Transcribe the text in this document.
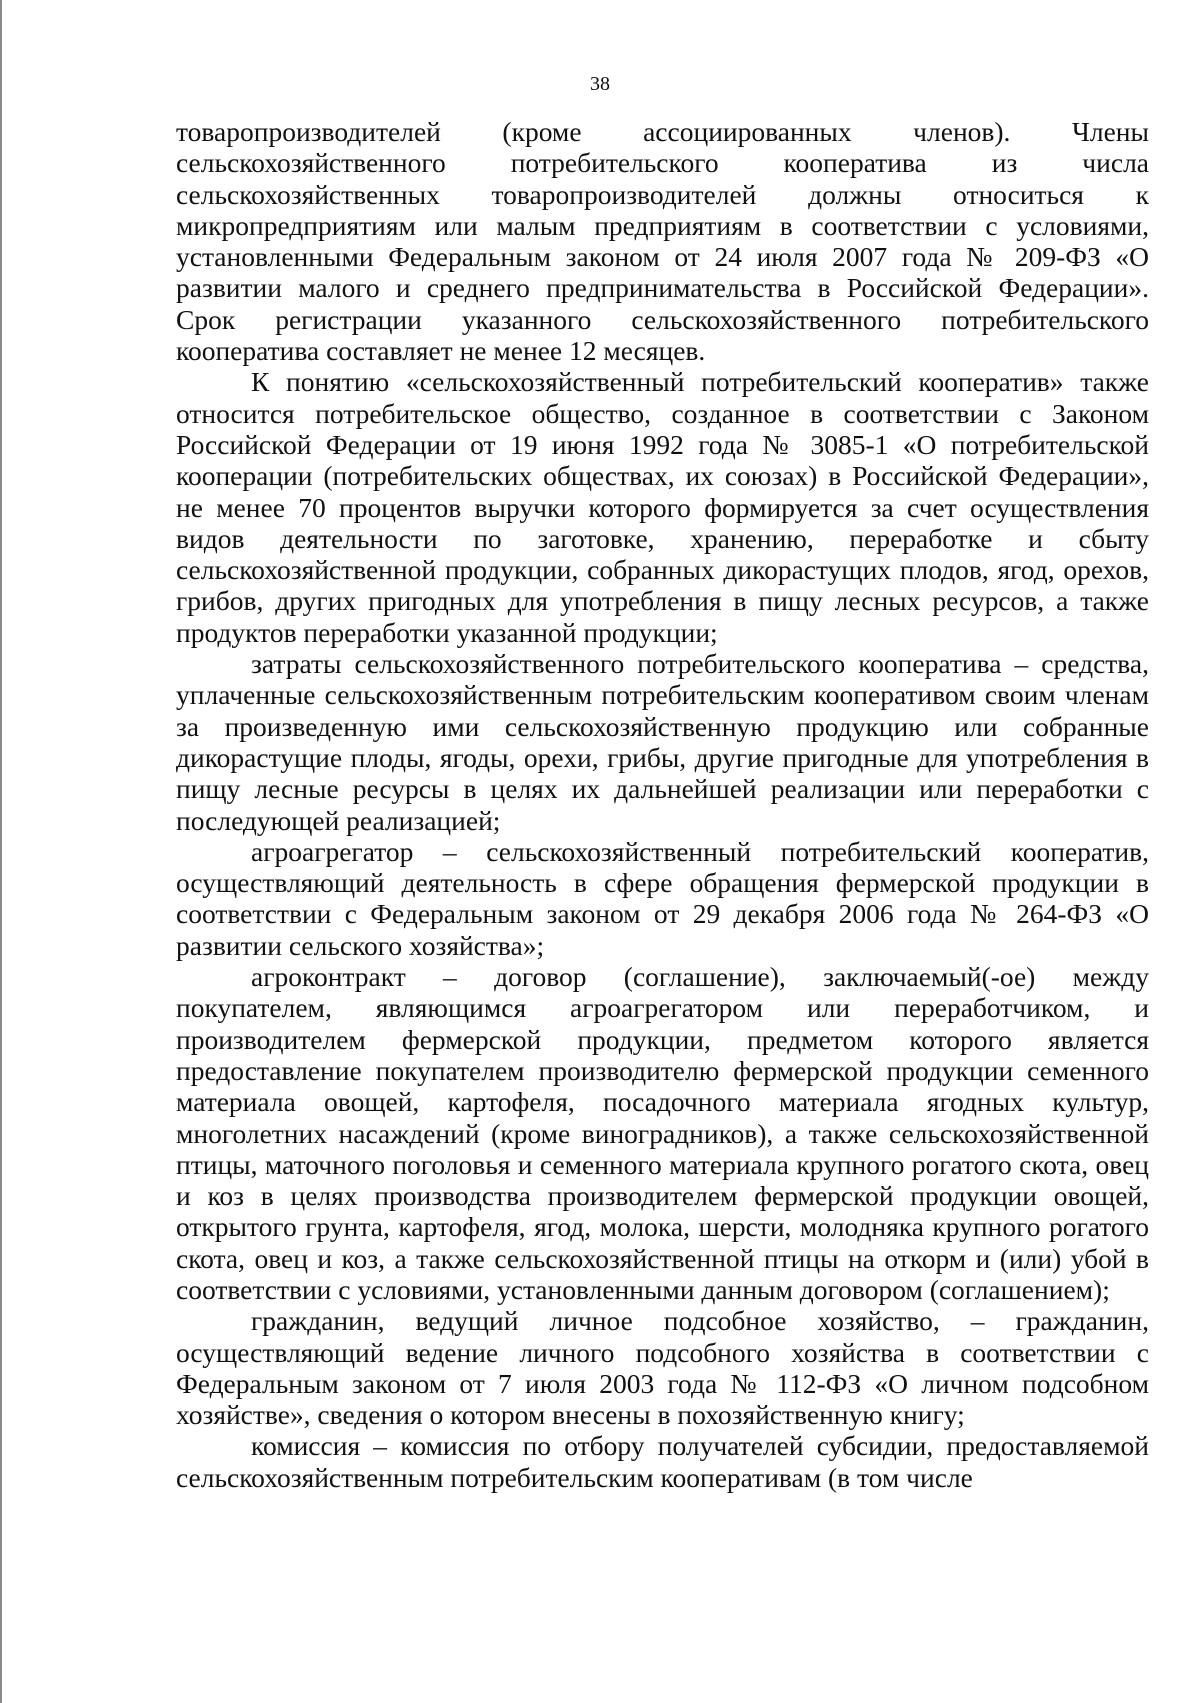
38

товаропроизводителей (кроме ассоциированных членов). Члены сельскохозяйственного потребительского кооператива из числа сельскохозяйственных товаропроизводителей должны относиться к микропредприятиям или малым предприятиям в соответствии с условиями, установленными Федеральным законом от 24 июля 2007 года № 209-ФЗ «О развитии малого и среднего предпринимательства в Российской Федерации». Срок регистрации указанного сельскохозяйственного потребительского кооператива составляет не менее 12 месяцев.

К понятию «сельскохозяйственный потребительский кооператив» также относится потребительское общество, созданное в соответствии с Законом Российской Федерации от 19 июня 1992 года № 3085-1 «О потребительской кооперации (потребительских обществах, их союзах) в Российской Федерации», не менее 70 процентов выручки которого формируется за счет осуществления видов деятельности по заготовке, хранению, переработке и сбыту сельскохозяйственной продукции, собранных дикорастущих плодов, ягод, орехов, грибов, других пригодных для употребления в пищу лесных ресурсов, а также продуктов переработки указанной продукции;

затраты сельскохозяйственного потребительского кооператива – средства, уплаченные сельскохозяйственным потребительским кооперативом своим членам за произведенную ими сельскохозяйственную продукцию или собранные дикорастущие плоды, ягоды, орехи, грибы, другие пригодные для употребления в пищу лесные ресурсы в целях их дальнейшей реализации или переработки с последующей реализацией;

агроагрегатор – сельскохозяйственный потребительский кооператив, осуществляющий деятельность в сфере обращения фермерской продукции в соответствии с Федеральным законом от 29 декабря 2006 года № 264-ФЗ «О развитии сельского хозяйства»;

агроконтракт – договор (соглашение), заключаемый(-ое) между покупателем, являющимся агроагрегатором или переработчиком, и производителем фермерской продукции, предметом которого является предоставление покупателем производителю фермерской продукции семенного материала овощей, картофеля, посадочного материала ягодных культур, многолетних насаждений (кроме виноградников), а также сельскохозяйственной птицы, маточного поголовья и семенного материала крупного рогатого скота, овец и коз в целях производства производителем фермерской продукции овощей, открытого грунта, картофеля, ягод, молока, шерсти, молодняка крупного рогатого скота, овец и коз, а также сельскохозяйственной птицы на откорм и (или) убой в соответствии с условиями, установленными данным договором (соглашением);

гражданин, ведущий личное подсобное хозяйство, – гражданин, осуществляющий ведение личного подсобного хозяйства в соответствии с Федеральным законом от 7 июля 2003 года № 112-ФЗ «О личном подсобном хозяйстве», сведения о котором внесены в похозяйственную книгу;

комиссия – комиссия по отбору получателей субсидии, предоставляемой сельскохозяйственным потребительским кооперативам (в том числе
